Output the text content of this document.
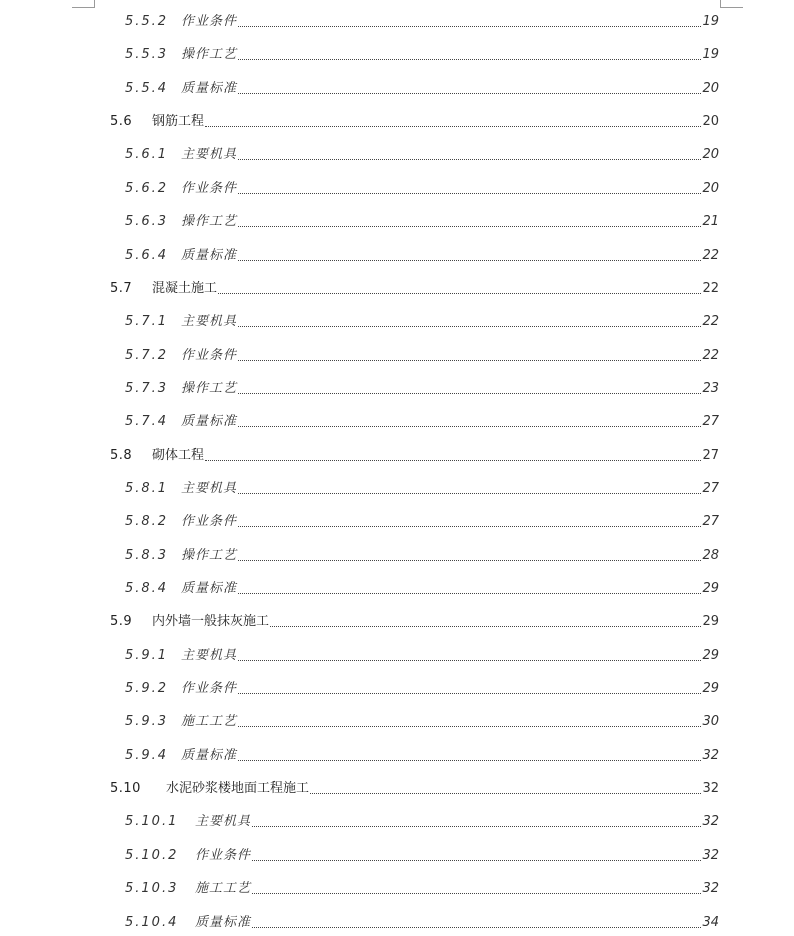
5.5.2 作业条件	19
5.5.3 操作工艺	19
5.5.4 质量标准	20
5.6	钢筋工程	20
5.6.1 主要机具	20
5.6.2 作业条件	20
5.6.3 操作工艺	21
5.6.4 质量标准	22
5.7	混凝土施工	22
5.7.1 主要机具	22
5.7.2 作业条件	22
5.7.3 操作工艺	23
5.7.4 质量标准	27
5.8	砌体工程	27
5.8.1 主要机具	27
5.8.2 作业条件	27
5.8.3 操作工艺	28
5.8.4 质量标准	29
5.9	内外墙一般抹灰施工	29
5.9.1 主要机具	29
5.9.2 作业条件	29
5.9.3 施工工艺	30
5.9.4 质量标准	32
5.10	水泥砂浆楼地面工程施工	32
5.10.1	主要机具	32
5.10.2	作业条件	32
5.10.3	施工工艺	32
5.10.4	质量标准	34
